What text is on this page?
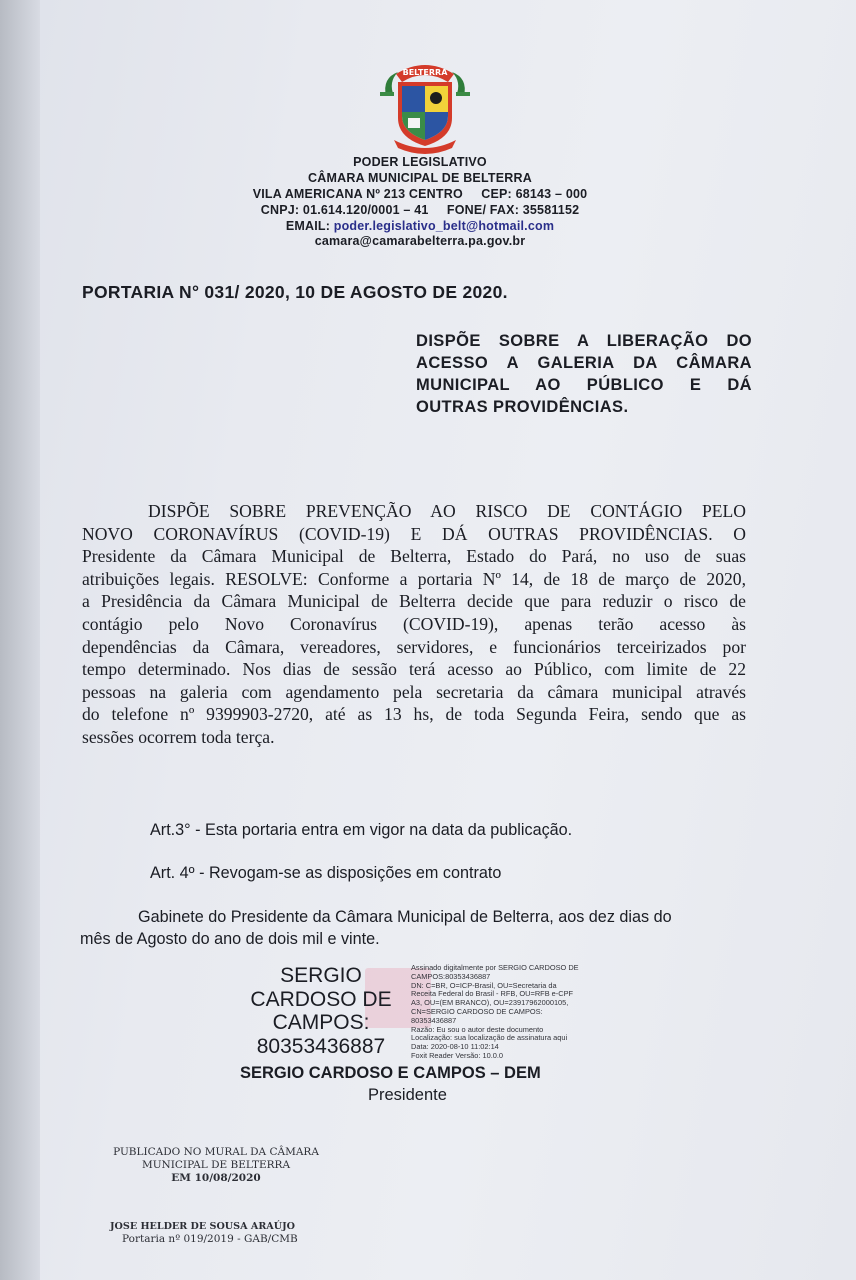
BELTERRA
PODER LEGISLATIVO
CÂMARA MUNICIPAL DE BELTERRA
VILA AMERICANA Nº 213 CENTRO     CEP: 68143 – 000
CNPJ: 01.614.120/0001 – 41     FONE/ FAX: 35581152
EMAIL: poder.legislativo_belt@hotmail.com
camara@camarabelterra.pa.gov.br
PORTARIA N° 031/ 2020, 10 DE AGOSTO DE 2020.
DISPÕE SOBRE A LIBERAÇÃO DO
ACESSO A GALERIA DA CÂMARA
MUNICIPAL AO PÚBLICO E DÁ
OUTRAS PROVIDÊNCIAS.
DISPÕE SOBRE PREVENÇÃO AO RISCO DE CONTÁGIO PELO
NOVO CORONAVÍRUS (COVID-19) E DÁ OUTRAS PROVIDÊNCIAS. O
Presidente da Câmara Municipal de Belterra, Estado do Pará, no uso de suas
atribuições legais. RESOLVE: Conforme a portaria Nº 14, de 18 de março de 2020,
a Presidência da Câmara Municipal de Belterra decide que para reduzir o risco de
contágio pelo Novo Coronavírus (COVID-19), apenas terão acesso às
dependências da Câmara, vereadores, servidores, e funcionários terceirizados por
tempo determinado. Nos dias de sessão terá acesso ao Público, com limite de 22
pessoas na galeria com agendamento pela secretaria da câmara municipal através
do telefone nº 9399903-2720, até as 13 hs, de toda Segunda Feira, sendo que as
sessões ocorrem toda terça.
Art.3° - Esta portaria entra em vigor na data da publicação.
Art. 4º - Revogam-se as disposições em contrato
Gabinete do Presidente da Câmara Municipal de Belterra, aos dez dias do
mês de Agosto do ano de dois mil e vinte.
SERGIO
CARDOSO DE
CAMPOS:
80353436887
Assinado digitalmente por SERGIO CARDOSO DE
CAMPOS:80353436887
DN: C=BR, O=ICP-Brasil, OU=Secretaria da
Receita Federal do Brasil - RFB, OU=RFB e-CPF
A3, OU=(EM BRANCO), OU=23917962000105,
CN=SERGIO CARDOSO DE CAMPOS:
80353436887
Razão: Eu sou o autor deste documento
Localização: sua localização de assinatura aqui
Data: 2020-08-10 11:02:14
Foxit Reader Versão: 10.0.0
SERGIO CARDOSO E CAMPOS – DEM
Presidente
PUBLICADO NO MURAL DA CÂMARA
MUNICIPAL DE BELTERRA
EM 10/08/2020
JOSE HELDER DE SOUSA ARAÚJO
Portaria nº 019/2019 - GAB/CMB
